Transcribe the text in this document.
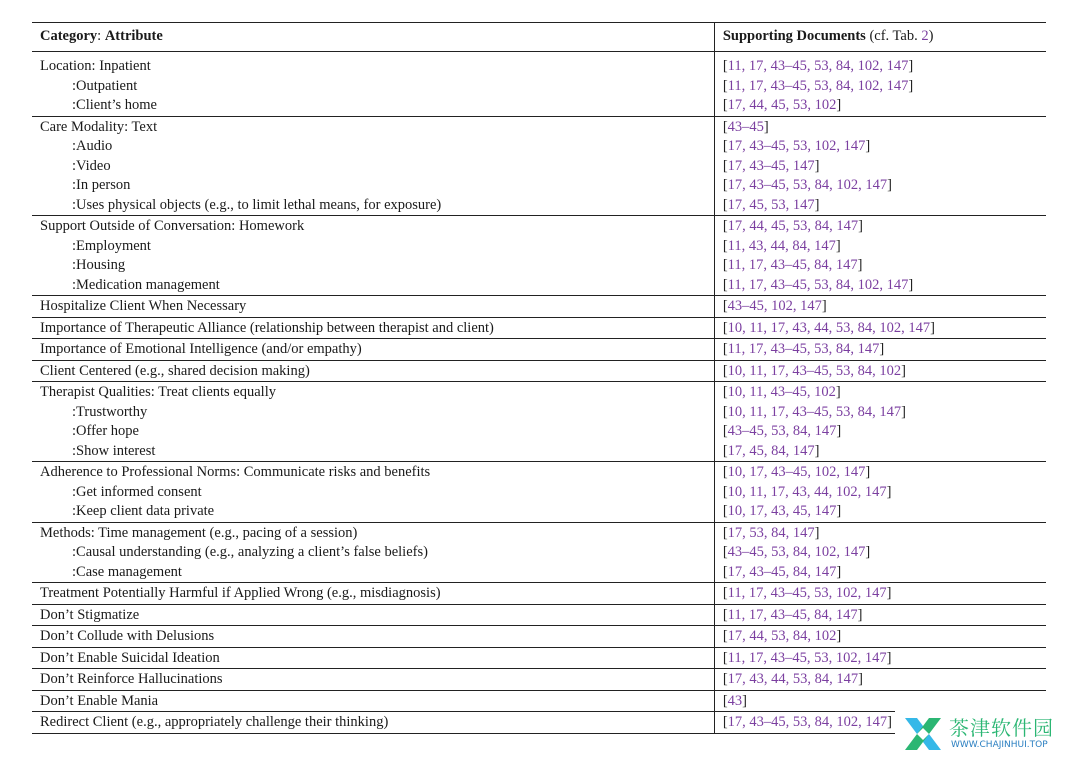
Category: Attribute	Supporting Documents (cf. Tab. 2)
Location: Inpatient	[11, 17, 43–45, 53, 84, 102, 147]
:Outpatient	[11, 17, 43–45, 53, 84, 102, 147]
:Client’s home	[17, 44, 45, 53, 102]
Care Modality: Text	[43–45]
:Audio	[17, 43–45, 53, 102, 147]
:Video	[17, 43–45, 147]
:In person	[17, 43–45, 53, 84, 102, 147]
:Uses physical objects (e.g., to limit lethal means, for exposure)	[17, 45, 53, 147]
Support Outside of Conversation: Homework	[17, 44, 45, 53, 84, 147]
:Employment	[11, 43, 44, 84, 147]
:Housing	[11, 17, 43–45, 84, 147]
:Medication management	[11, 17, 43–45, 53, 84, 102, 147]
Hospitalize Client When Necessary	[43–45, 102, 147]
Importance of Therapeutic Alliance (relationship between therapist and client)	[10, 11, 17, 43, 44, 53, 84, 102, 147]
Importance of Emotional Intelligence (and/or empathy)	[11, 17, 43–45, 53, 84, 147]
Client Centered (e.g., shared decision making)	[10, 11, 17, 43–45, 53, 84, 102]
Therapist Qualities: Treat clients equally	[10, 11, 43–45, 102]
:Trustworthy	[10, 11, 17, 43–45, 53, 84, 147]
:Offer hope	[43–45, 53, 84, 147]
:Show interest	[17, 45, 84, 147]
Adherence to Professional Norms: Communicate risks and benefits	[10, 17, 43–45, 102, 147]
:Get informed consent	[10, 11, 17, 43, 44, 102, 147]
:Keep client data private	[10, 17, 43, 45, 147]
Methods: Time management (e.g., pacing of a session)	[17, 53, 84, 147]
:Causal understanding (e.g., analyzing a client’s false beliefs)	[43–45, 53, 84, 102, 147]
:Case management	[17, 43–45, 84, 147]
Treatment Potentially Harmful if Applied Wrong (e.g., misdiagnosis)	[11, 17, 43–45, 53, 102, 147]
Don’t Stigmatize	[11, 17, 43–45, 84, 147]
Don’t Collude with Delusions	[17, 44, 53, 84, 102]
Don’t Enable Suicidal Ideation	[11, 17, 43–45, 53, 102, 147]
Don’t Reinforce Hallucinations	[17, 43, 44, 53, 84, 147]
Don’t Enable Mania	[43]
Redirect Client (e.g., appropriately challenge their thinking)	[17, 43–45, 53, 84, 102, 147]	茶津软件园
WWW.CHAJINHUI.TOP
